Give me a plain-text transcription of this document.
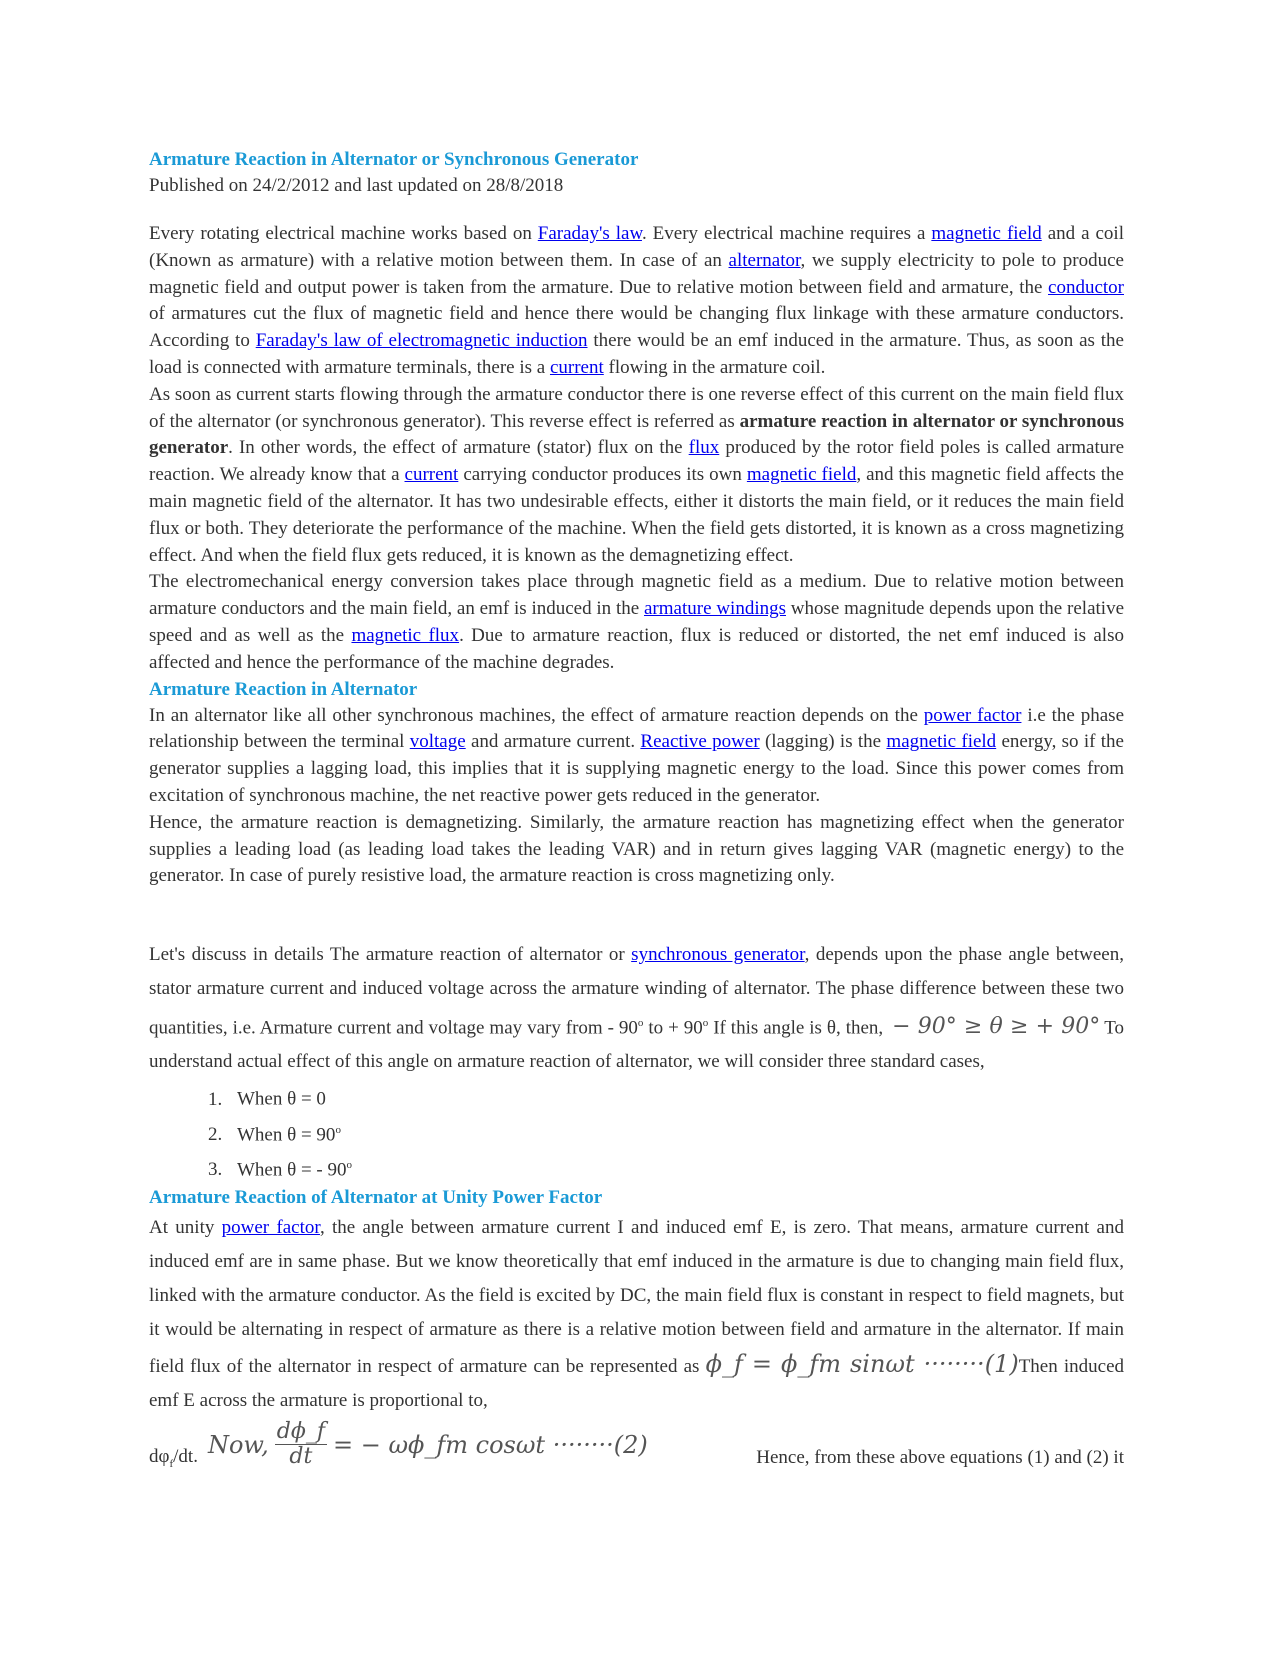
Armature Reaction in Alternator or Synchronous Generator
Published on 24/2/2012 and last updated on 28/8/2018

Every rotating electrical machine works based on Faraday's law. Every electrical machine requires a magnetic field and a coil (Known as armature) with a relative motion between them. In case of an alternator, we supply electricity to pole to produce magnetic field and output power is taken from the armature. Due to relative motion between field and armature, the conductor of armatures cut the flux of magnetic field and hence there would be changing flux linkage with these armature conductors. According to Faraday's law of electromagnetic induction there would be an emf induced in the armature. Thus, as soon as the load is connected with armature terminals, there is a current flowing in the armature coil.

As soon as current starts flowing through the armature conductor there is one reverse effect of this current on the main field flux of the alternator (or synchronous generator). This reverse effect is referred as armature reaction in alternator or synchronous generator. In other words, the effect of armature (stator) flux on the flux produced by the rotor field poles is called armature reaction. We already know that a current carrying conductor produces its own magnetic field, and this magnetic field affects the main magnetic field of the alternator. It has two undesirable effects, either it distorts the main field, or it reduces the main field flux or both. They deteriorate the performance of the machine. When the field gets distorted, it is known as a cross magnetizing effect. And when the field flux gets reduced, it is known as the demagnetizing effect.

The electromechanical energy conversion takes place through magnetic field as a medium. Due to relative motion between armature conductors and the main field, an emf is induced in the armature windings whose magnitude depends upon the relative speed and as well as the magnetic flux. Due to armature reaction, flux is reduced or distorted, the net emf induced is also affected and hence the performance of the machine degrades.

Armature Reaction in Alternator

In an alternator like all other synchronous machines, the effect of armature reaction depends on the power factor i.e the phase relationship between the terminal voltage and armature current. Reactive power (lagging) is the magnetic field energy, so if the generator supplies a lagging load, this implies that it is supplying magnetic energy to the load. Since this power comes from excitation of synchronous machine, the net reactive power gets reduced in the generator.

Hence, the armature reaction is demagnetizing. Similarly, the armature reaction has magnetizing effect when the generator supplies a leading load (as leading load takes the leading VAR) and in return gives lagging VAR (magnetic energy) to the generator. In case of purely resistive load, the armature reaction is cross magnetizing only.

Let's discuss in details The armature reaction of alternator or synchronous generator, depends upon the phase angle between, stator armature current and induced voltage across the armature winding of alternator. The phase difference between these two quantities, i.e. Armature current and voltage may vary from - 90$^o$ to + $90^o$ If this angle is θ, then, − 90° ≥ θ ≥ + 90° To understand actual effect of this angle on armature reaction of alternator, we will consider three standard cases,

1. When θ = 0
2. When $\theta = 90^o$
3. When θ = - 90$^o$
Armature Reaction of Alternator at Unity Power Factor

At unity power factor, the angle between armature current I and induced emf E, is zero. That means, armature current and induced emf are in same phase. But we know theoretically that emf induced in the armature is due to changing main field flux, linked with the armature conductor. As the field is excited by DC, the main field flux is constant in respect to field magnets, but it would be alternating in respect of armature as there is a relative motion between field and armature in the alternator. If main field flux of the alternator in respect of armature can be represented as ϕ_f = ϕ_fm sinωt ········(1)Then induced emf E across the armature is proportional to,

$d\varphi_f/dt$. Now, $\frac{d\phi\_f}{dt}$ = − ωϕ_fm cosωt ········(2)	Hence, from these above equations (1) and (2) it
